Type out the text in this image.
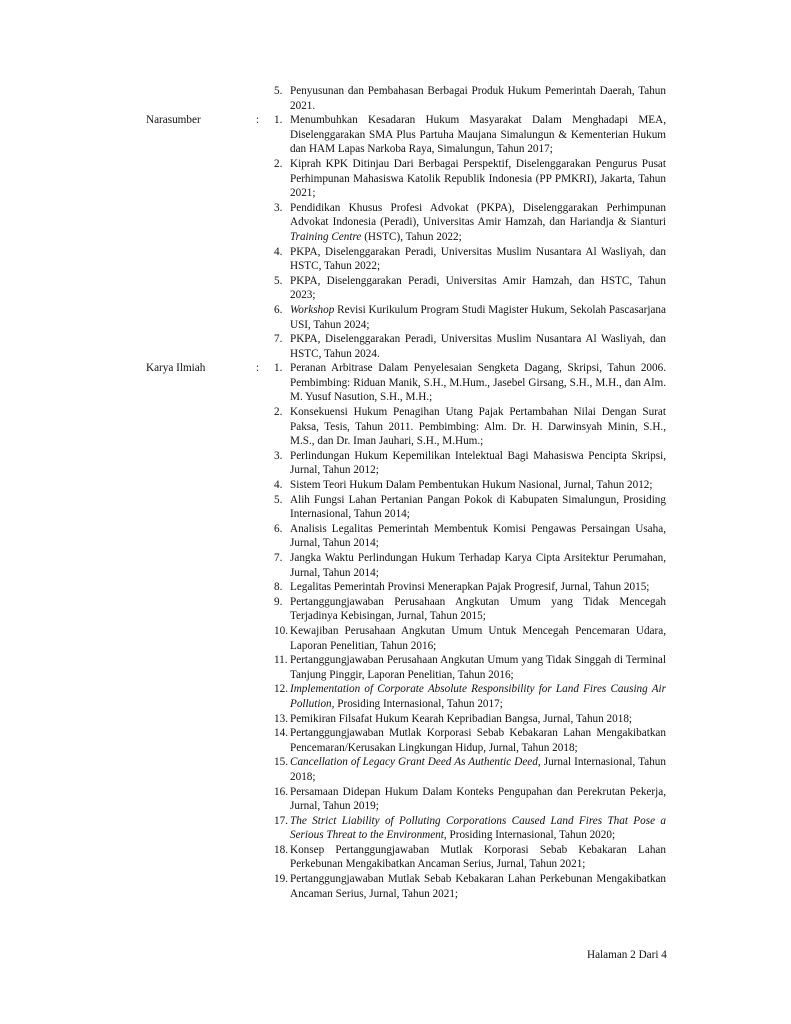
5. Penyusunan dan Pembahasan Berbagai Produk Hukum Pemerintah Daerah, Tahun 2021.
Narasumber	:	1. Menumbuhkan Kesadaran Hukum Masyarakat Dalam Menghadapi MEA, Diselenggarakan SMA Plus Partuha Maujana Simalungun & Kementerian Hukum dan HAM Lapas Narkoba Raya, Simalungun, Tahun 2017;
2. Kiprah KPK Ditinjau Dari Berbagai Perspektif, Diselenggarakan Pengurus Pusat Perhimpunan Mahasiswa Katolik Republik Indonesia (PP PMKRI), Jakarta, Tahun 2021;
3. Pendidikan Khusus Profesi Advokat (PKPA), Diselenggarakan Perhimpunan Advokat Indonesia (Peradi), Universitas Amir Hamzah, dan Hariandja & Sianturi Training Centre (HSTC), Tahun 2022;
4. PKPA, Diselenggarakan Peradi, Universitas Muslim Nusantara Al Wasliyah, dan HSTC, Tahun 2022;
5. PKPA, Diselenggarakan Peradi, Universitas Amir Hamzah, dan HSTC, Tahun 2023;
6. Workshop Revisi Kurikulum Program Studi Magister Hukum, Sekolah Pascasarjana USI, Tahun 2024;
7. PKPA, Diselenggarakan Peradi, Universitas Muslim Nusantara Al Wasliyah, dan HSTC, Tahun 2024.
Karya Ilmiah	:	1. Peranan Arbitrase Dalam Penyelesaian Sengketa Dagang, Skripsi, Tahun 2006. Pembimbing: Riduan Manik, S.H., M.Hum., Jasebel Girsang, S.H., M.H., dan Alm. M. Yusuf Nasution, S.H., M.H.;
2. Konsekuensi Hukum Penagihan Utang Pajak Pertambahan Nilai Dengan Surat Paksa, Tesis, Tahun 2011. Pembimbing: Alm. Dr. H. Darwinsyah Minin, S.H., M.S., dan Dr. Iman Jauhari, S.H., M.Hum.;
3. Perlindungan Hukum Kepemilikan Intelektual Bagi Mahasiswa Pencipta Skripsi, Jurnal, Tahun 2012;
4. Sistem Teori Hukum Dalam Pembentukan Hukum Nasional, Jurnal, Tahun 2012;
5. Alih Fungsi Lahan Pertanian Pangan Pokok di Kabupaten Simalungun, Prosiding Internasional, Tahun 2014;
6. Analisis Legalitas Pemerintah Membentuk Komisi Pengawas Persaingan Usaha, Jurnal, Tahun 2014;
7. Jangka Waktu Perlindungan Hukum Terhadap Karya Cipta Arsitektur Perumahan, Jurnal, Tahun 2014;
8. Legalitas Pemerintah Provinsi Menerapkan Pajak Progresif, Jurnal, Tahun 2015;
9. Pertanggungjawaban Perusahaan Angkutan Umum yang Tidak Mencegah Terjadinya Kebisingan, Jurnal, Tahun 2015;
10. Kewajiban Perusahaan Angkutan Umum Untuk Mencegah Pencemaran Udara, Laporan Penelitian, Tahun 2016;
11. Pertanggungjawaban Perusahaan Angkutan Umum yang Tidak Singgah di Terminal Tanjung Pinggir, Laporan Penelitian, Tahun 2016;
12. Implementation of Corporate Absolute Responsibility for Land Fires Causing Air Pollution, Prosiding Internasional, Tahun 2017;
13. Pemikiran Filsafat Hukum Kearah Kepribadian Bangsa, Jurnal, Tahun 2018;
14. Pertanggungjawaban Mutlak Korporasi Sebab Kebakaran Lahan Mengakibatkan Pencemaran/Kerusakan Lingkungan Hidup, Jurnal, Tahun 2018;
15. Cancellation of Legacy Grant Deed As Authentic Deed, Jurnal Internasional, Tahun 2018;
16. Persamaan Didepan Hukum Dalam Konteks Pengupahan dan Perekrutan Pekerja, Jurnal, Tahun 2019;
17. The Strict Liability of Polluting Corporations Caused Land Fires That Pose a Serious Threat to the Environment, Prosiding Internasional, Tahun 2020;
18. Konsep Pertanggungjawaban Mutlak Korporasi Sebab Kebakaran Lahan Perkebunan Mengakibatkan Ancaman Serius, Jurnal, Tahun 2021;
19. Pertanggungjawaban Mutlak Sebab Kebakaran Lahan Perkebunan Mengakibatkan Ancaman Serius, Jurnal, Tahun 2021;
Halaman 2 Dari 4
